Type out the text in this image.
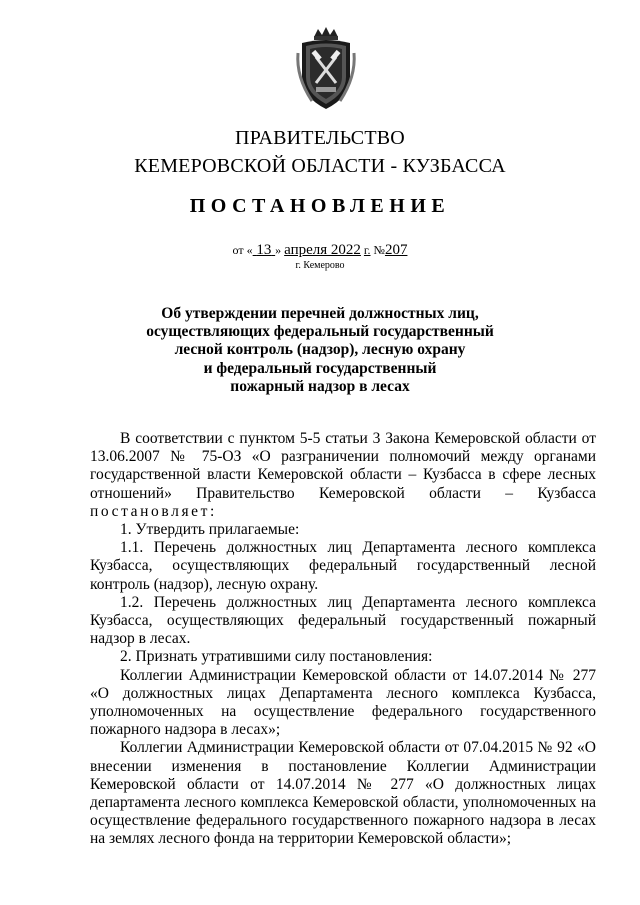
ПРАВИТЕЛЬСТВО
КЕМЕРОВСКОЙ ОБЛАСТИ - КУЗБАССА
ПОСТАНОВЛЕНИЕ
от « 13 » апреля 2022 г. №207
г. Кемерово
Об утверждении перечней должностных лиц,
осуществляющих федеральный государственный
лесной контроль (надзор), лесную охрану
и федеральный государственный
пожарный надзор в лесах

В соответствии с пунктом 5-5 статьи 3 Закона Кемеровской области от 13.06.2007 № 75-ОЗ «О разграничении полномочий между органами государственной власти Кемеровской области – Кузбасса в сфере лесных отношений» Правительство Кемеровской области – Кузбасса

постановляет:

1. Утвердить прилагаемые:

1.1. Перечень должностных лиц Департамента лесного комплекса Кузбасса, осуществляющих федеральный государственный лесной контроль (надзор), лесную охрану.

1.2. Перечень должностных лиц Департамента лесного комплекса Кузбасса, осуществляющих федеральный государственный пожарный надзор в лесах.

2. Признать утратившими силу постановления:

Коллегии Администрации Кемеровской области от 14.07.2014 № 277 «О должностных лицах Департамента лесного комплекса Кузбасса, уполномоченных на осуществление федерального государственного пожарного надзора в лесах»;

Коллегии Администрации Кемеровской области от 07.04.2015 № 92 «О внесении изменения в постановление Коллегии Администрации Кемеровской области от 14.07.2014 № 277 «О должностных лицах департамента лесного комплекса Кемеровской области, уполномоченных на осуществление федерального государственного пожарного надзора в лесах на землях лесного фонда на территории Кемеровской области»;
